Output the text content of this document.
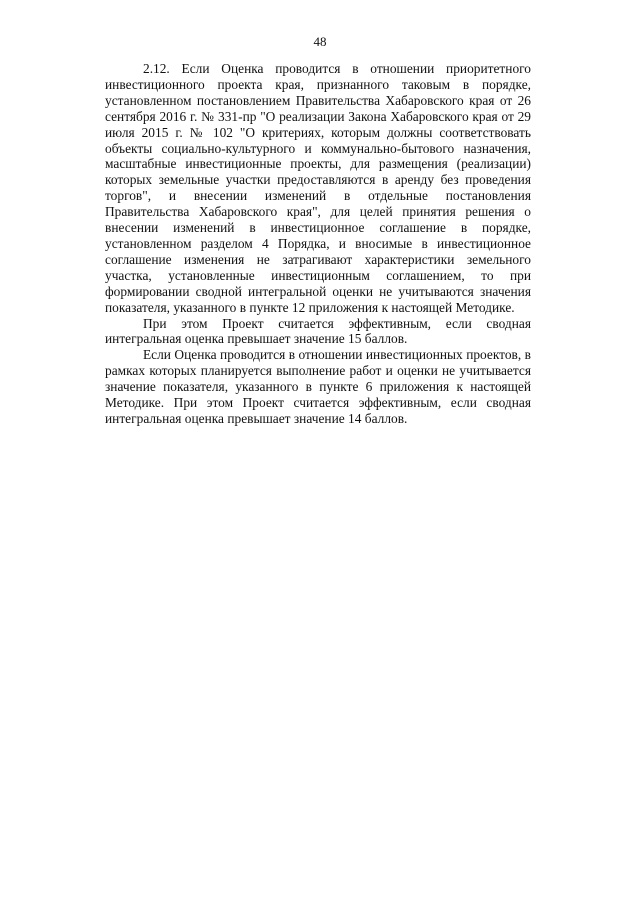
48

2.12. Если Оценка проводится в отношении приоритетного инвестиционного проекта края, признанного таковым в порядке, установленном постановлением Правительства Хабаровского края от 26 сентября 2016 г. № 331-пр "О реализации Закона Хабаровского края от 29 июля 2015 г. № 102 "О критериях, которым должны соответствовать объекты социально-культурного и коммунально-бытового назначения, масштабные инвестиционные проекты, для размещения (реализации) которых земельные участки предоставляются в аренду без проведения торгов", и внесении изменений в отдельные постановления Правительства Хабаровского края", для целей принятия решения о внесении изменений в инвестиционное соглашение в порядке, установленном разделом 4 Порядка, и вносимые в инвестиционное соглашение изменения не затрагивают характеристики земельного участка, установленные инвестиционным соглашением, то при формировании сводной интегральной оценки не учитываются значения показателя, указанного в пункте 12 приложения к настоящей Методике.

При этом Проект считается эффективным, если сводная интегральная оценка превышает значение 15 баллов.

Если Оценка проводится в отношении инвестиционных проектов, в рамках которых планируется выполнение работ и оценки не учитывается значение показателя, указанного в пункте 6 приложения к настоящей Методике. При этом Проект считается эффективным, если сводная интегральная оценка превышает значение 14 баллов.
